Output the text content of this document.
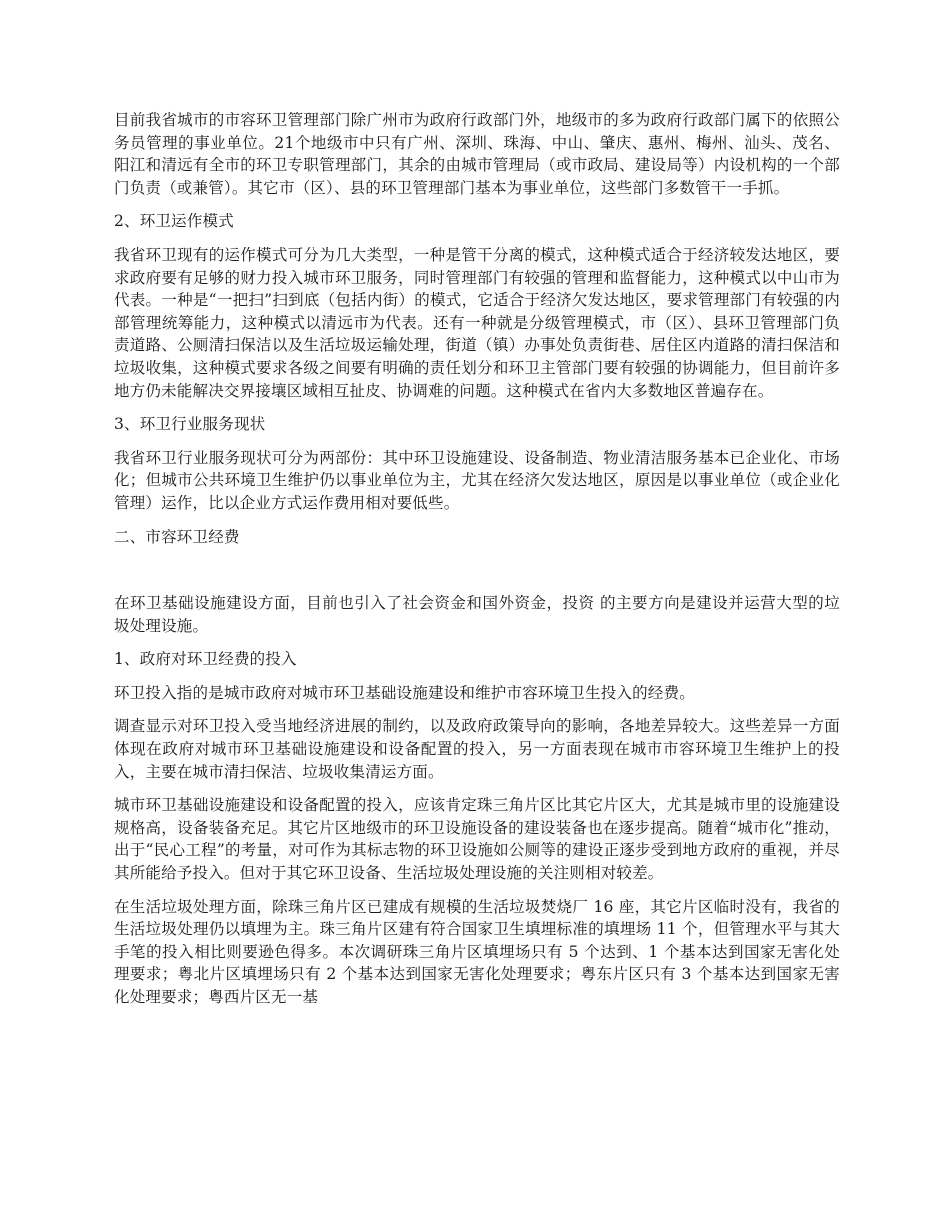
目前我省城市的市容环卫管理部门除广州市为政府行政部门外，地级市的多为政府行政部门属下的依照公务员管理的事业单位。21个地级市中只有广州、深圳、珠海、中山、肇庆、惠州、梅州、汕头、茂名、阳江和清远有全市的环卫专职管理部门，其余的由城市管理局（或市政局、建设局等）内设机构的一个部门负责（或兼管）。其它市（区）、县的环卫管理部门基本为事业单位，这些部门多数管干一手抓。

2、环卫运作模式

我省环卫现有的运作模式可分为几大类型，一种是管干分离的模式，这种模式适合于经济较发达地区，要求政府要有足够的财力投入城市环卫服务，同时管理部门有较强的管理和监督能力，这种模式以中山市为代表。一种是“一把扫”扫到底（包括内街）的模式，它适合于经济欠发达地区，要求管理部门有较强的内部管理统筹能力，这种模式以清远市为代表。还有一种就是分级管理模式，市（区）、县环卫管理部门负责道路、公厕清扫保洁以及生活垃圾运输处理，街道（镇）办事处负责街巷、居住区内道路的清扫保洁和垃圾收集，这种模式要求各级之间要有明确的责任划分和环卫主管部门要有较强的协调能力，但目前许多地方仍未能解决交界接壤区域相互扯皮、协调难的问题。这种模式在省内大多数地区普遍存在。

3、环卫行业服务现状

我省环卫行业服务现状可分为两部份：其中环卫设施建设、设备制造、物业清洁服务基本已企业化、市场化；但城市公共环境卫生维护仍以事业单位为主，尤其在经济欠发达地区，原因是以事业单位（或企业化管理）运作，比以企业方式运作费用相对要低些。

二、市容环卫经费

在环卫基础设施建设方面，目前也引入了社会资金和国外资金，投资 的主要方向是建设并运营大型的垃圾处理设施。

1、政府对环卫经费的投入

环卫投入指的是城市政府对城市环卫基础设施建设和维护市容环境卫生投入的经费。

调查显示对环卫投入受当地经济进展的制约，以及政府政策导向的影响，各地差异较大。这些差异一方面体现在政府对城市环卫基础设施建设和设备配置的投入，另一方面表现在城市市容环境卫生维护上的投入，主要在城市清扫保洁、垃圾收集清运方面。

城市环卫基础设施建设和设备配置的投入，应该肯定珠三角片区比其它片区大，尤其是城市里的设施建设规格高，设备装备充足。其它片区地级市的环卫设施设备的建设装备也在逐步提高。随着“城市化”推动，出于“民心工程”的考量，对可作为其标志物的环卫设施如公厕等的建设正逐步受到地方政府的重视，并尽其所能给予投入。但对于其它环卫设备、生活垃圾处理设施的关注则相对较差。

在生活垃圾处理方面，除珠三角片区已建成有规模的生活垃圾焚烧厂 16 座，其它片区临时没有，我省的生活垃圾处理仍以填埋为主。珠三角片区建有符合国家卫生填埋标准的填埋场 11 个，但管理水平与其大手笔的投入相比则要逊色得多。本次调研珠三角片区填埋场只有 5 个达到、1 个基本达到国家无害化处理要求；粤北片区填埋场只有 2 个基本达到国家无害化处理要求；粤东片区只有 3 个基本达到国家无害化处理要求；粤西片区无一基
